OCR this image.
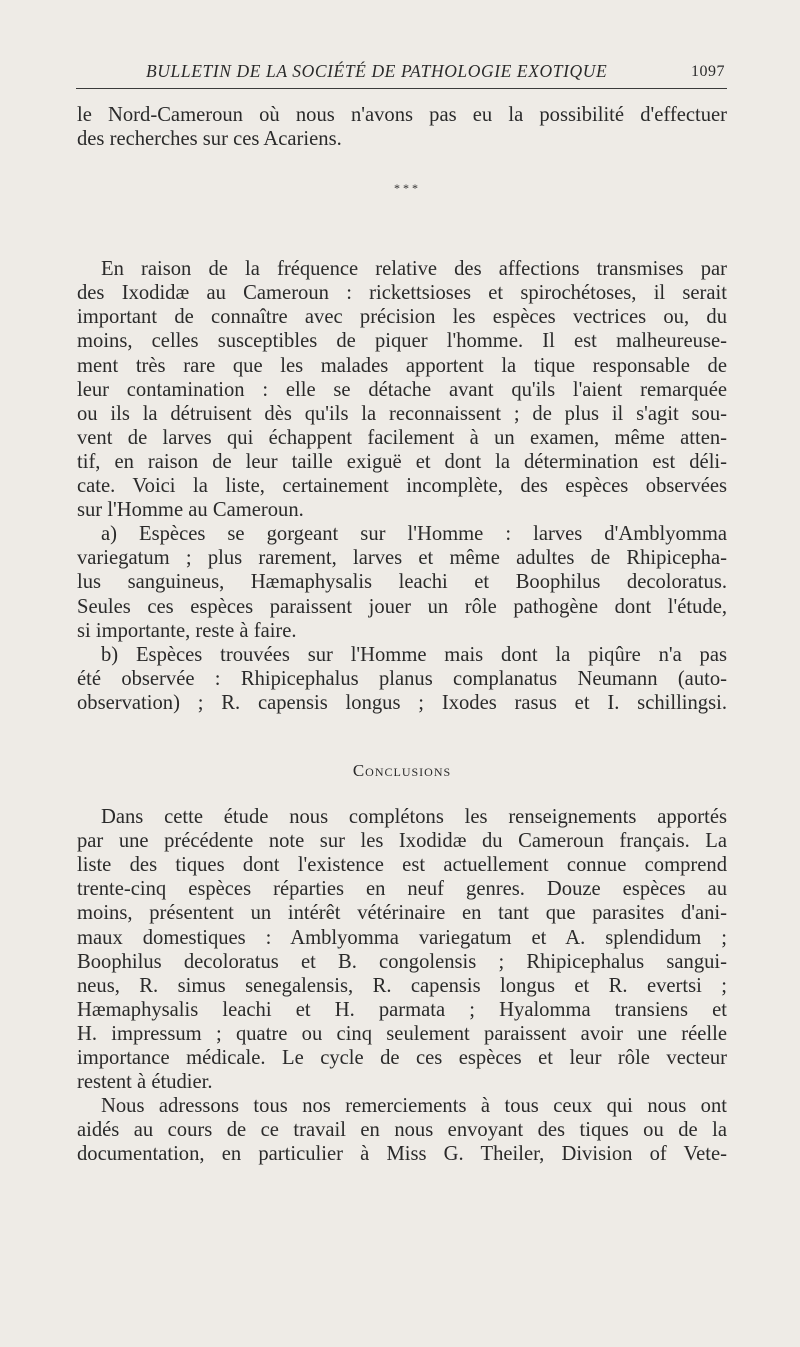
BULLETIN DE LA SOCIÉTÉ DE PATHOLOGIE EXOTIQUE	1097
le Nord-Cameroun où nous n'avons pas eu la possibilité d'effectuer
des recherches sur ces Acariens.
* * *
En raison de la fréquence relative des affections transmises par
des Ixodidæ au Cameroun : rickettsioses et spirochétoses, il serait
important de connaître avec précision les espèces vectrices ou, du
moins, celles susceptibles de piquer l'homme. Il est malheureuse-
ment très rare que les malades apportent la tique responsable de
leur contamination : elle se détache avant qu'ils l'aient remarquée
ou ils la détruisent dès qu'ils la reconnaissent ; de plus il s'agit sou-
vent de larves qui échappent facilement à un examen, même atten-
tif, en raison de leur taille exiguë et dont la détermination est déli-
cate. Voici la liste, certainement incomplète, des espèces observées
sur l'Homme au Cameroun.
a) Espèces se gorgeant sur l'Homme : larves d'Amblyomma
variegatum ; plus rarement, larves et même adultes de Rhipicepha-
lus sanguineus, Hæmaphysalis leachi et Boophilus decoloratus.
Seules ces espèces paraissent jouer un rôle pathogène dont l'étude,
si importante, reste à faire.
b) Espèces trouvées sur l'Homme mais dont la piqûre n'a pas
été observée : Rhipicephalus planus complanatus Neumann (auto-
observation) ; R. capensis longus ; Ixodes rasus et I. schillingsi.
Conclusions
Dans cette étude nous complétons les renseignements apportés
par une précédente note sur les Ixodidæ du Cameroun français. La
liste des tiques dont l'existence est actuellement connue comprend
trente-cinq espèces réparties en neuf genres. Douze espèces au
moins, présentent un intérêt vétérinaire en tant que parasites d'ani-
maux domestiques : Amblyomma variegatum et A. splendidum ;
Boophilus decoloratus et B. congolensis ; Rhipicephalus sangui-
neus, R. simus senegalensis, R. capensis longus et R. evertsi ;
Hæmaphysalis leachi et H. parmata ; Hyalomma transiens et
H. impressum ; quatre ou cinq seulement paraissent avoir une réelle
importance médicale. Le cycle de ces espèces et leur rôle vecteur
restent à étudier.
Nous adressons tous nos remerciements à tous ceux qui nous ont
aidés au cours de ce travail en nous envoyant des tiques ou de la
documentation, en particulier à Miss G. Theiler, Division of Vete-
